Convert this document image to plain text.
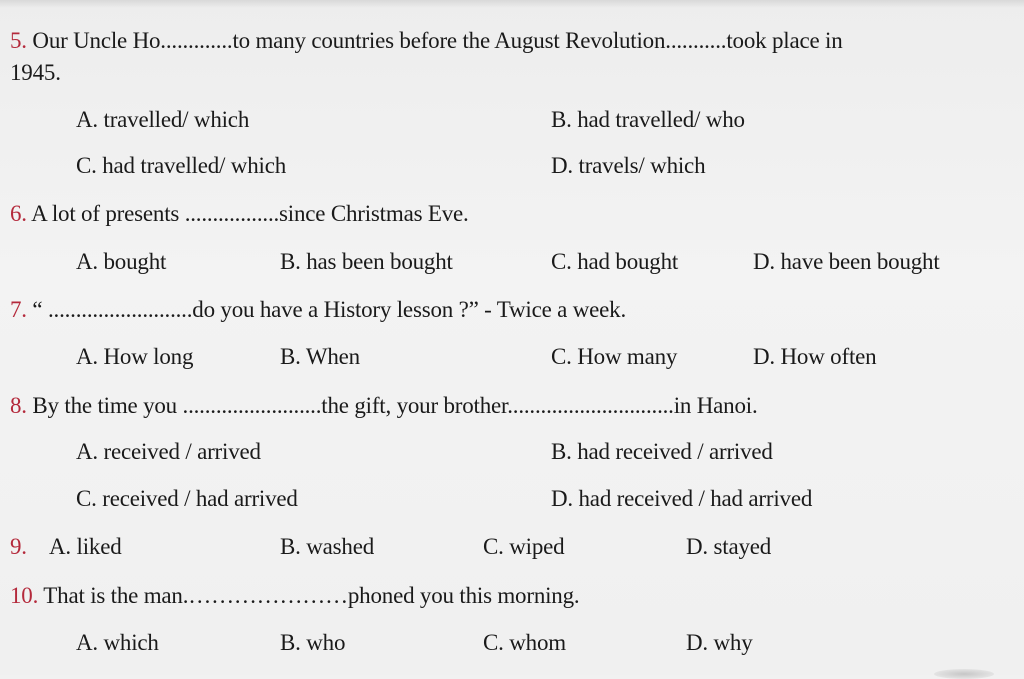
5. Our Uncle Ho.............to many countries before the August Revolution...........took place in
1945.
A. travelled/ which	B. had travelled/ who
C. had travelled/ which	D. travels/ which
6. A lot of presents .................since Christmas Eve.
A. bought	B. has been bought	C. had bought	D. have been bought
7. “ ..........................do you have a History lesson ?” - Twice a week.
A. How long	B. When	C. How many	D. How often
8. By the time you .........................the gift, your brother..............................in Hanoi.
A. received / arrived	B. had received / arrived
C. received / had arrived	D. had received / had arrived
9. A. liked	B. washed	C. wiped	D. stayed
10. That is the man.…………………phoned you this morning.
A. which	B. who	C. whom	D. why
